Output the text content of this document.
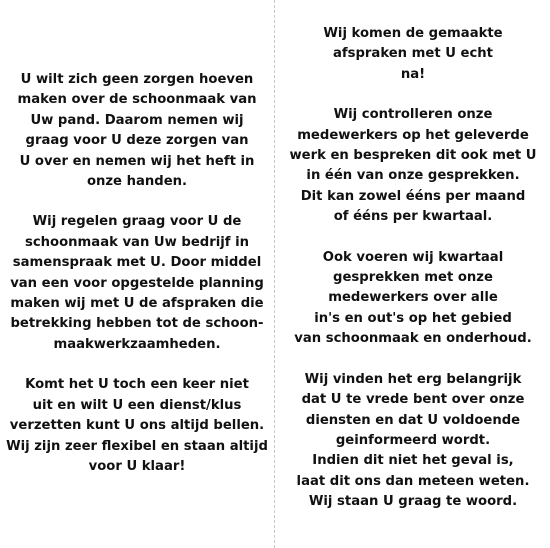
U wilt zich geen zorgen hoeven
maken over de schoonmaak van
Uw pand. Daarom nemen wij
graag voor U deze zorgen van
U over en nemen wij het heft in
onze handen.

Wij regelen graag voor U de
schoonmaak van Uw bedrijf in
samenspraak met U. Door middel
van een voor opgestelde planning
maken wij met U de afspraken die
betrekking hebben tot de schoon-
maakwerkzaamheden.

Komt het U toch een keer niet
uit en wilt U een dienst/klus
verzetten kunt U ons altijd bellen.
Wij zijn zeer flexibel en staan altijd
voor U klaar!

Wij komen de gemaakte
afspraken met U echt
na!

Wij controlleren onze
medewerkers op het geleverde
werk en bespreken dit ook met U
in één van onze gesprekken.
Dit kan zowel ééns per maand
of ééns per kwartaal.

Ook voeren wij kwartaal
gesprekken met onze
medewerkers over alle
in's en out's op het gebied
van schoonmaak en onderhoud.

Wij vinden het erg belangrijk
dat U te vrede bent over onze
diensten en dat U voldoende
geinformeerd wordt.
Indien dit niet het geval is,
laat dit ons dan meteen weten.
Wij staan U graag te woord.
